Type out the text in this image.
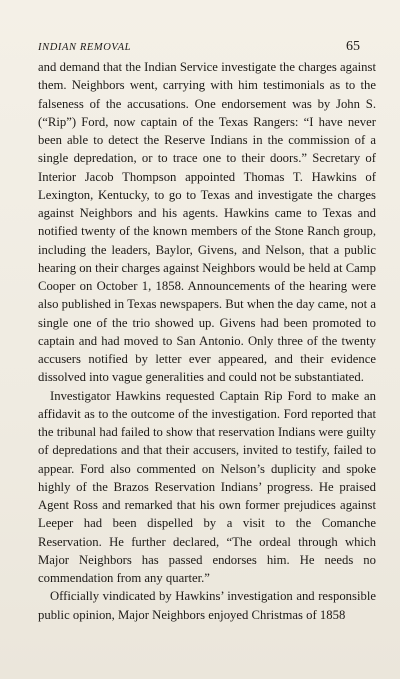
INDIAN REMOVAL	65

and demand that the Indian Service investigate the charges against them. Neighbors went, carrying with him testimonials as to the falseness of the accusations. One endorsement was by John S. (“Rip”) Ford, now captain of the Texas Rangers: “I have never been able to detect the Reserve Indians in the commission of a single depredation, or to trace one to their doors.” Secretary of Interior Jacob Thompson appointed Thomas T. Hawkins of Lexington, Kentucky, to go to Texas and investigate the charges against Neighbors and his agents. Hawkins came to Texas and notified twenty of the known members of the Stone Ranch group, including the leaders, Baylor, Givens, and Nelson, that a public hearing on their charges against Neighbors would be held at Camp Cooper on October 1, 1858. Announcements of the hearing were also published in Texas newspapers. But when the day came, not a single one of the trio showed up. Givens had been promoted to captain and had moved to San Antonio. Only three of the twenty accusers notified by letter ever appeared, and their evidence dissolved into vague generalities and could not be substantiated.

Investigator Hawkins requested Captain Rip Ford to make an affidavit as to the outcome of the investigation. Ford reported that the tribunal had failed to show that reservation Indians were guilty of depredations and that their accusers, invited to testify, failed to appear. Ford also commented on Nelson’s duplicity and spoke highly of the Brazos Reservation Indians’ progress. He praised Agent Ross and remarked that his own former prejudices against Leeper had been dispelled by a visit to the Comanche Reservation. He further declared, “The ordeal through which Major Neighbors has passed endorses him. He needs no commendation from any quarter.”

Officially vindicated by Hawkins’ investigation and responsible public opinion, Major Neighbors enjoyed Christmas of 1858
